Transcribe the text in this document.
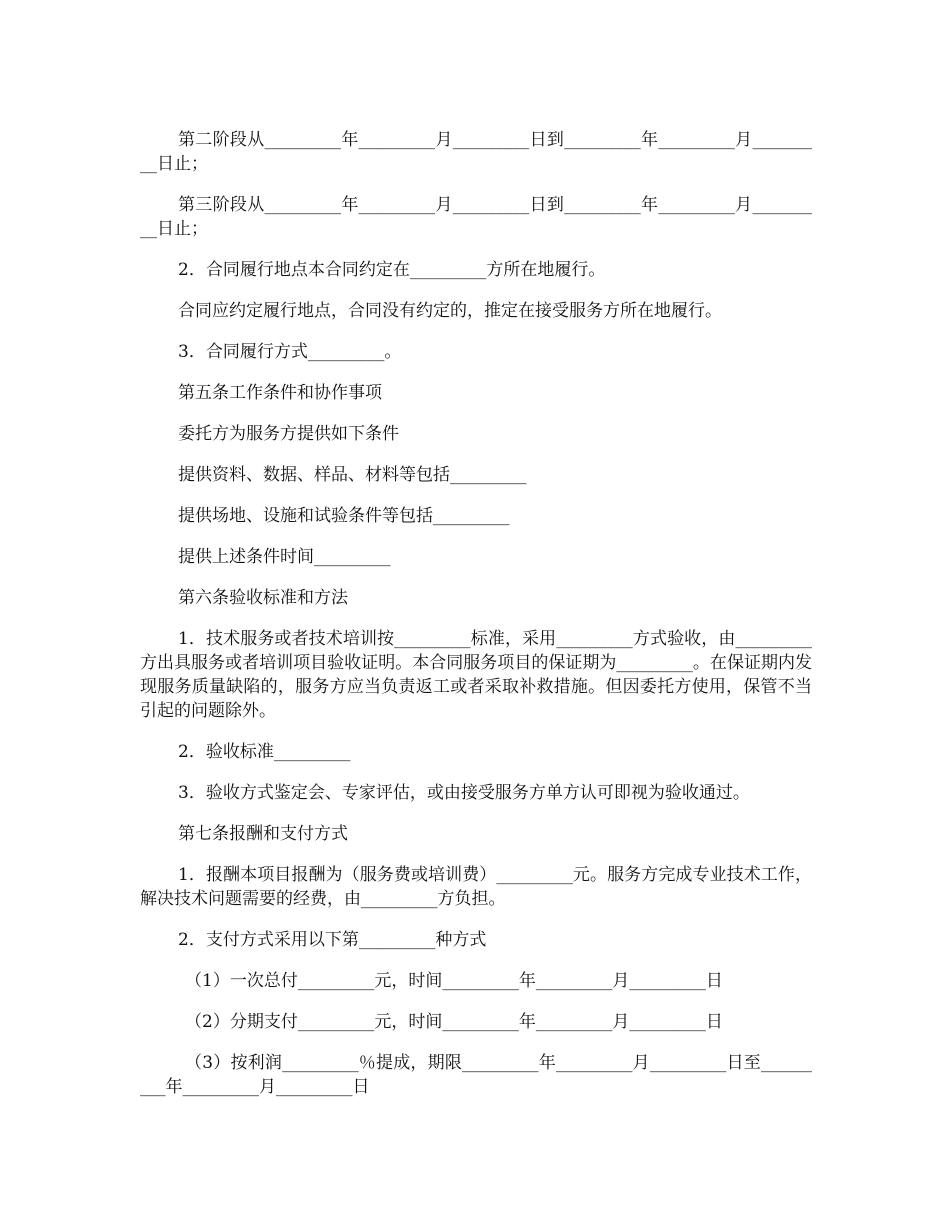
第二阶段从_________年_________月_________日到_________年_________月_________日止；

第三阶段从_________年_________月_________日到_________年_________月_________日止；

2．合同履行地点本合同约定在_________方所在地履行。

合同应约定履行地点，合同没有约定的，推定在接受服务方所在地履行。

3．合同履行方式_________。

第五条工作条件和协作事项

委托方为服务方提供如下条件

提供资料、数据、样品、材料等包括_________

提供场地、设施和试验条件等包括_________

提供上述条件时间_________

第六条验收标准和方法

1．技术服务或者技术培训按_________标准，采用_________方式验收，由_________方出具服务或者培训项目验收证明。本合同服务项目的保证期为_________。在保证期内发现服务质量缺陷的，服务方应当负责返工或者采取补救措施。但因委托方使用，保管不当引起的问题除外。

2．验收标准_________

3．验收方式鉴定会、专家评估，或由接受服务方单方认可即视为验收通过。

第七条报酬和支付方式

1．报酬本项目报酬为（服务费或培训费）_________元。服务方完成专业技术工作，解决技术问题需要的经费，由_________方负担。

2．支付方式采用以下第_________种方式

（1）一次总付_________元，时间_________年_________月_________日

（2）分期支付_________元，时间_________年_________月_________日

（3）按利润_________％提成，期限_________年_________月_________日至_________年_________月_________日
